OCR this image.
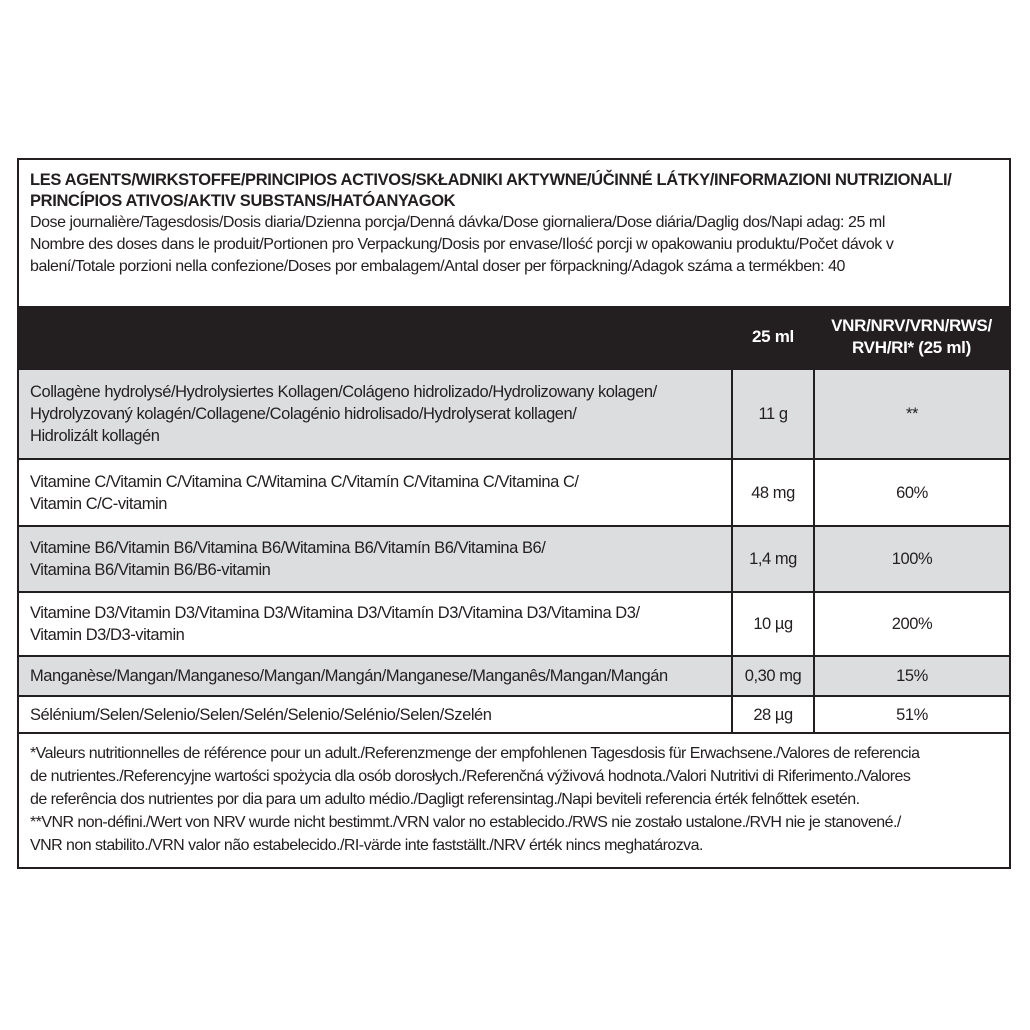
LES AGENTS/WIRKSTOFFE/PRINCIPIOS ACTIVOS/SKŁADNIKI AKTYWNE/ÚČINNÉ LÁTKY/INFORMAZIONI NUTRIZIONALI/

PRINCÍPIOS ATIVOS/AKTIV SUBSTANS/HATÓANYAGOK

Dose journalière/Tagesdosis/Dosis diaria/Dzienna porcja/Denná dávka/Dose giornaliera/Dose diária/Daglig dos/Napi adag: 25 ml

Nombre des doses dans le produit/Portionen pro Verpackung/Dosis por envase/Ilość porcji w opakowaniu produktu/Počet dávok v

balení/Totale porzioni nella confezione/Doses por embalagem/Antal doser per förpackning/Adagok száma a termékben: 40

	25 ml	VNR/NRV/VRN/RWS/
RVH/RI* (25 ml)
Collagène hydrolysé/Hydrolysiertes Kollagen/Colágeno hidrolizado/Hydrolizowany kolagen/
Hydrolyzovaný kolagén/Collagene/Colagénio hidrolisado/Hydrolyserat kollagen/
Hidrolizált kollagén	11 g	**
Vitamine C/Vitamin C/Vitamina C/Witamina C/Vitamín C/Vitamina C/Vitamina C/
Vitamin C/C-vitamin	48 mg	60%
Vitamine B6/Vitamin B6/Vitamina B6/Witamina B6/Vitamín B6/Vitamina B6/
Vitamina B6/Vitamin B6/B6-vitamin	1,4 mg	100%
Vitamine D3/Vitamin D3/Vitamina D3/Witamina D3/Vitamín D3/Vitamina D3/Vitamina D3/
Vitamin D3/D3-vitamin	10 µg	200%
Manganèse/Mangan/Manganeso/Mangan/Mangán/Manganese/Manganês/Mangan/Mangán	0,30 mg	15%
Sélénium/Selen/Selenio/Selen/Selén/Selenio/Selénio/Selen/Szelén	28 µg	51%

*Valeurs nutritionnelles de référence pour un adult./Referenzmenge der empfohlenen Tagesdosis für Erwachsene./Valores de referencia

de nutrientes./Referencyjne wartości spożycia dla osób dorosłych./Referenčná výživová hodnota./Valori Nutritivi di Riferimento./Valores

de referência dos nutrientes por dia para um adulto médio./Dagligt referensintag./Napi beviteli referencia érték felnőttek esetén.

**VNR non-défini./Wert von NRV wurde nicht bestimmt./VRN valor no establecido./RWS nie zostało ustalone./RVH nie je stanovené./

VNR non stabilito./VRN valor não estabelecido./RI-värde inte fastställt./NRV érték nincs meghatározva.
